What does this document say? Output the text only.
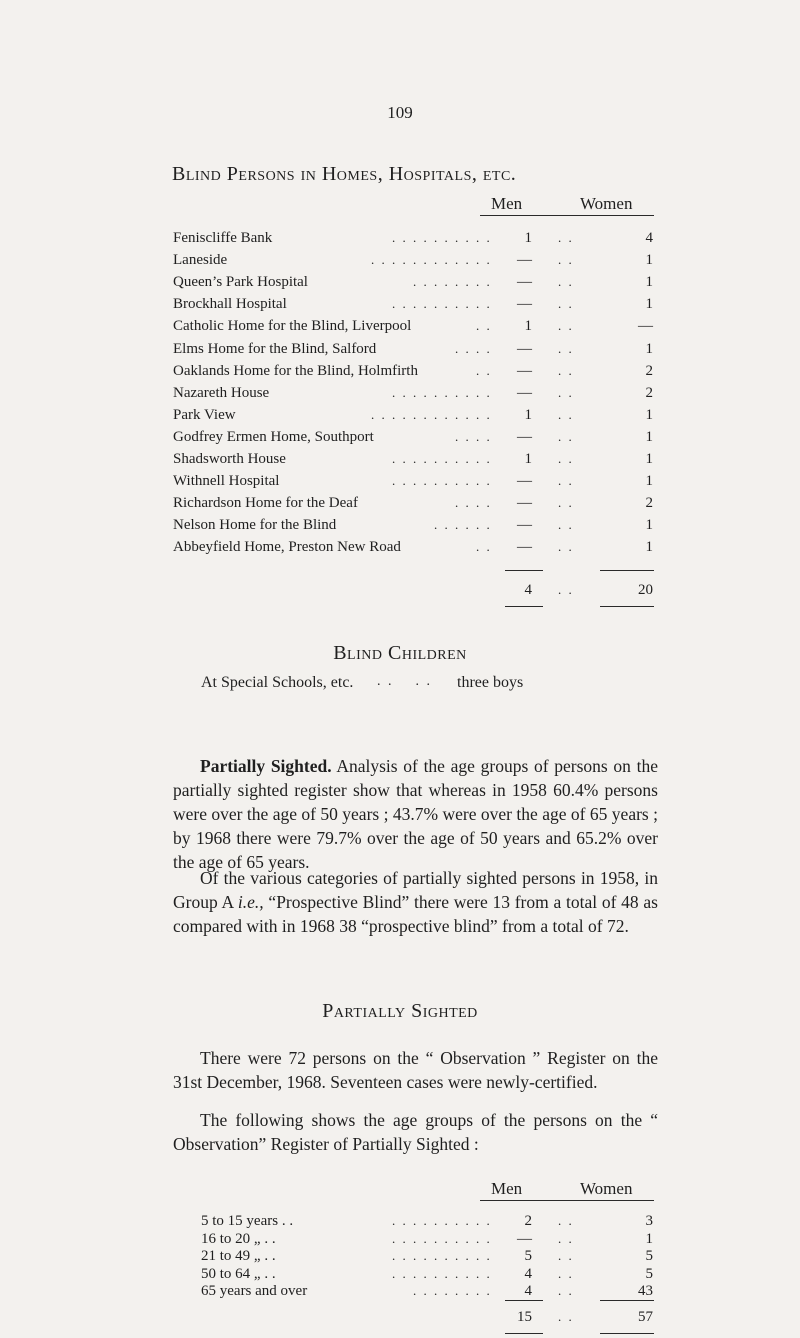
109
Blind Persons in Homes, Hospitals, etc.
Men	Women
Feniscliffe Bank	. . . . . . . . . .	1 . .	4
Laneside	. . . . . . . . . . . .	— . .	1
Queen’s Park Hospital	. . . . . . . .	— . .	1
Brockhall Hospital	. . . . . . . . . .	— . .	1
Catholic Home for the Blind, Liverpool	. .	1 . .	—
Elms Home for the Blind, Salford	. . . .	— . .	1
Oaklands Home for the Blind, Holmfirth	. .	— . .	2
Nazareth House	. . . . . . . . . .	— . .	2
Park View	. . . . . . . . . . . .	1 . .	1
Godfrey Ermen Home, Southport	. . . .	— . .	1
Shadsworth House	. . . . . . . . . .	1 . .	1
Withnell Hospital	. . . . . . . . . .	— . .	1
Richardson Home for the Deaf	. . . .	— . .	2
Nelson Home for the Blind	. . . . . .	— . .	1
Abbeyfield Home, Preston New Road	. .	— . .	1
4 . .	20
Blind Children
At Special Schools, etc. . .    . . three boys
Partially Sighted. Analysis of the age groups of persons on the partially sighted register show that whereas in 1958 60.4% persons were over the age of 50 years ; 43.7% were over the age of 65 years ; by 1968 there were 79.7% over the age of 50 years and 65.2% over the age of 65 years.
Of the various categories of partially sighted persons in 1958, in Group A i.e., “Prospective Blind” there were 13 from a total of 48 as compared with in 1968 38 “prospective blind” from a total of 72.
Partially Sighted
There were 72 persons on the “ Observation ” Register on the 31st December, 1968. Seventeen cases were newly-certified.
The following shows the age groups of the persons on the “ Observation” Register of Partially Sighted :
Men	Women
5 to 15 years . .	. . . . . . . . . .	2 . .	3
16 to 20 „ . .	. . . . . . . . . .	— . .	1
21 to 49 „ . .	. . . . . . . . . .	5 . .	5
50 to 64 „ . .	. . . . . . . . . .	4 . .	5
65 years and over	. . . . . . . .	4 . .	43
15 . .	57
